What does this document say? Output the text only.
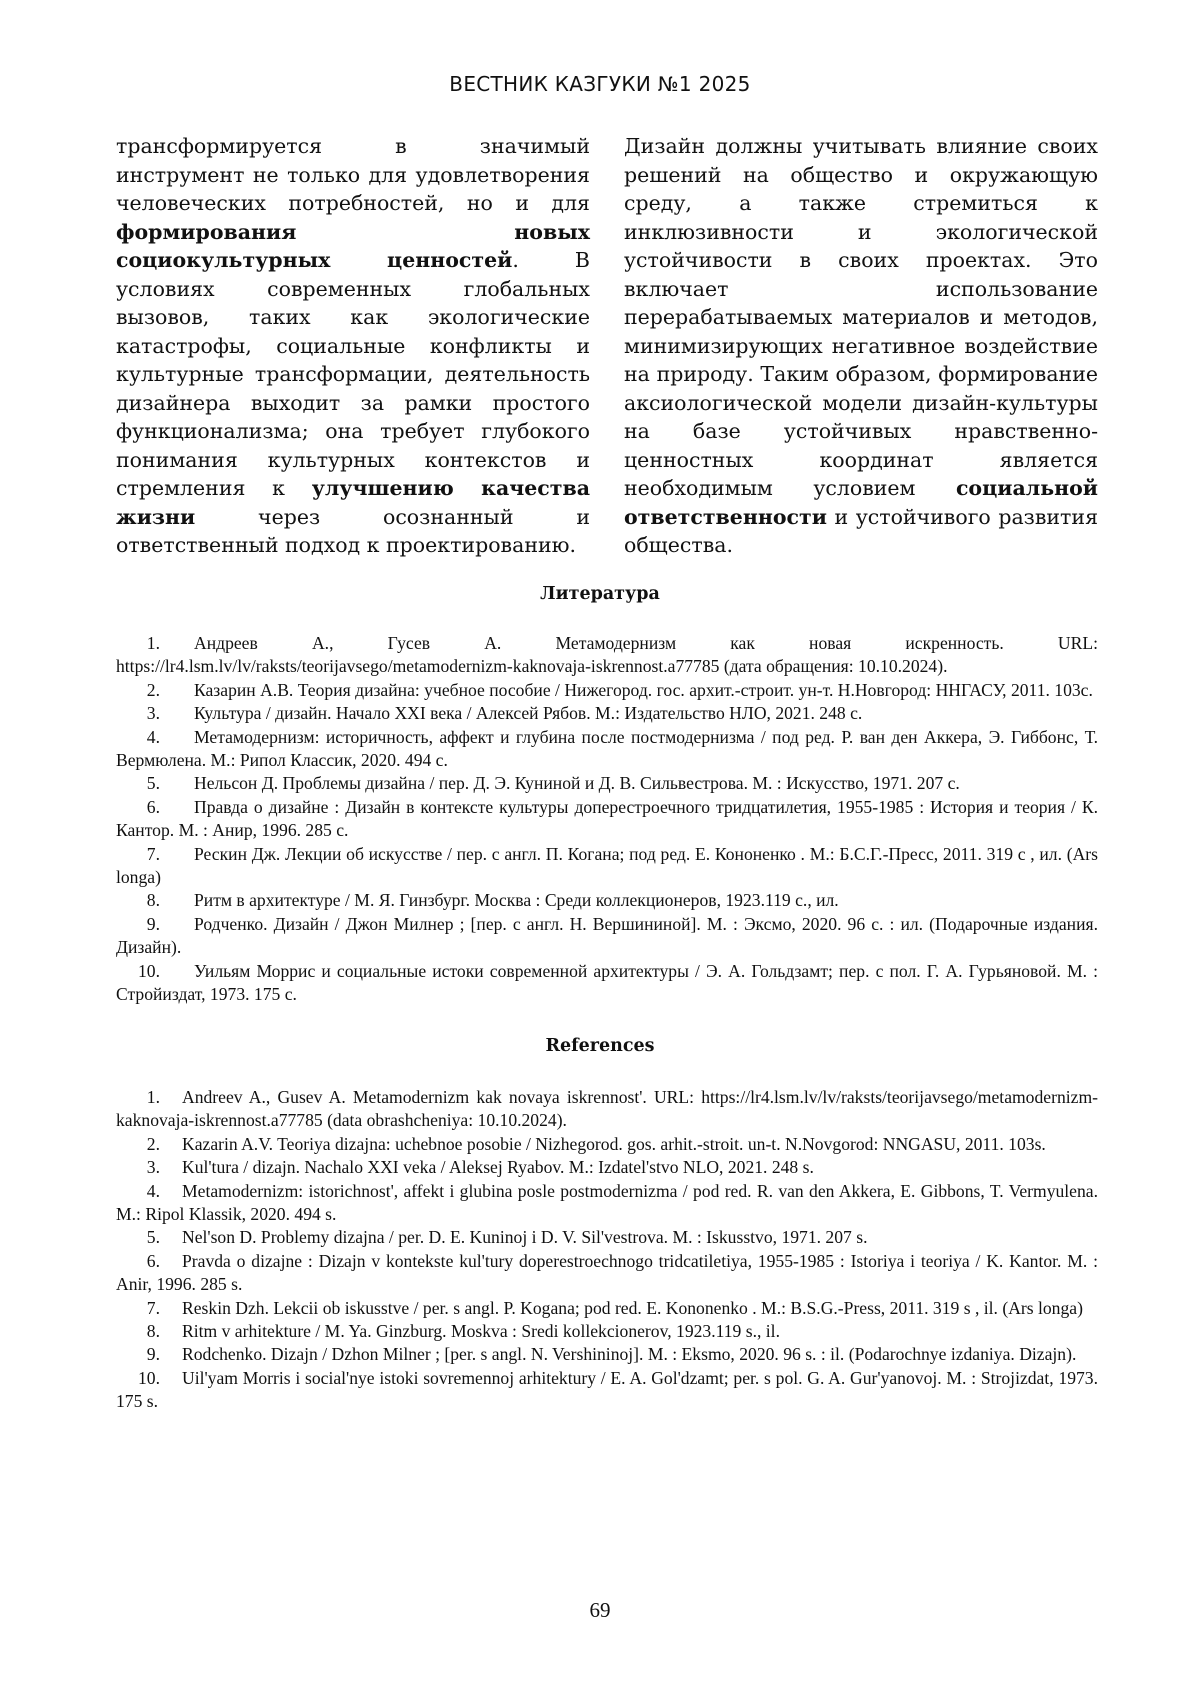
ВЕСТНИК КАЗГУКИ №1 2025

трансформируется в значимый инструмент не только для удовлетворения человеческих потребностей, но и для формирования новых социокультурных ценностей. В условиях современных глобальных вызовов, таких как экологические катастрофы, социальные конфликты и культурные трансформации, деятельность дизайнера выходит за рамки простого функционализма; она требует глубокого понимания культурных контекстов и стремления к улучшению качества жизни через осознанный и ответственный подход к проектированию.

Дизайн должны учитывать влияние своих решений на общество и окружающую среду, а также стремиться к инклюзивности и экологической устойчивости в своих проектах. Это включает использование перерабатываемых материалов и методов, минимизирующих негативное воздействие на природу. Таким образом, формирование аксиологической модели дизайн-культуры на базе устойчивых нравственно-ценностных координат является необходимым условием социальной ответственности и устойчивого развития общества.

Литература

1. Андреев А., Гусев А. Метамодернизм как новая искренность. URL: https://lr4.lsm.lv/lv/raksts/teorijavsego/metamodernizm-kaknovaja-iskrennost.a77785 (дата обращения: 10.10.2024).

2. Казарин А.В. Теория дизайна: учебное пособие / Нижегород. гос. архит.-строит. ун-т. Н.Новгород: ННГАСУ, 2011. 103с.

3. Культура / дизайн. Начало XXI века / Алексей Рябов. М.: Издательство НЛО, 2021. 248 с.

4. Метамодернизм: историчность, аффект и глубина после постмодернизма / под ред. Р. ван ден Аккера, Э. Гиббонс, Т. Вермюлена. М.: Рипол Классик, 2020. 494 с.

5. Нельсон Д. Проблемы дизайна / пер. Д. Э. Куниной и Д. В. Сильвестрова. М. : Искусство, 1971. 207 с.

6. Правда о дизайне : Дизайн в контексте культуры доперестроечного тридцатилетия, 1955-1985 : История и теория / К. Кантор. М. : Анир, 1996. 285 с.

7. Рескин Дж. Лекции об искусстве / пер. с англ. П. Когана; под ред. Е. Кононенко . М.: Б.С.Г.-Пресс, 2011. 319 с , ил. (Ars longa)

8. Ритм в архитектуре / М. Я. Гинзбург. Москва : Среди коллекционеров, 1923.119 с., ил.

9. Родченко. Дизайн / Джон Милнер ; [пер. с англ. Н. Вершининой]. М. : Эксмо, 2020. 96 с. : ил. (Подарочные издания. Дизайн).

10. Уильям Моррис и социальные истоки современной архитектуры / Э. А. Гольдзамт; пер. с пол. Г. А. Гурьяновой. М. : Стройиздат, 1973. 175 с.

References

1. Andreev A., Gusev A. Metamodernizm kak novaya iskrennost'. URL: https://lr4.lsm.lv/lv/raksts/teorijavsego/metamodernizm-kaknovaja-iskrennost.a77785 (data obrashcheniya: 10.10.2024).

2. Kazarin A.V. Teoriya dizajna: uchebnoe posobie / Nizhegorod. gos. arhit.-stroit. un-t. N.Novgorod: NNGASU, 2011. 103s.

3. Kul'tura / dizajn. Nachalo XXI veka / Aleksej Ryabov. M.: Izdatel'stvo NLO, 2021. 248 s.

4. Metamodernizm: istorichnost', affekt i glubina posle postmodernizma / pod red. R. van den Akkera, E. Gibbons, T. Vermyulena. M.: Ripol Klassik, 2020. 494 s.

5. Nel'son D. Problemy dizajna / per. D. E. Kuninoj i D. V. Sil'vestrova. M. : Iskusstvo, 1971. 207 s.

6. Pravda o dizajne : Dizajn v kontekste kul'tury doperestroechnogo tridcatiletiya, 1955-1985 : Istoriya i teoriya / K. Kantor. M. : Anir, 1996. 285 s.

7. Reskin Dzh. Lekcii ob iskusstve / per. s angl. P. Kogana; pod red. E. Kononenko . M.: B.S.G.-Press, 2011. 319 s , il. (Ars longa)

8. Ritm v arhitekture / M. Ya. Ginzburg. Moskva : Sredi kollekcionerov, 1923.119 s., il.

9. Rodchenko. Dizajn / Dzhon Milner ; [per. s angl. N. Vershininoj]. M. : Eksmo, 2020. 96 s. : il. (Podarochnye izdaniya. Dizajn).

10. Uil'yam Morris i social'nye istoki sovremennoj arhitektury / E. A. Gol'dzamt; per. s pol. G. A. Gur'yanovoj. M. : Strojizdat, 1973. 175 s.

69
